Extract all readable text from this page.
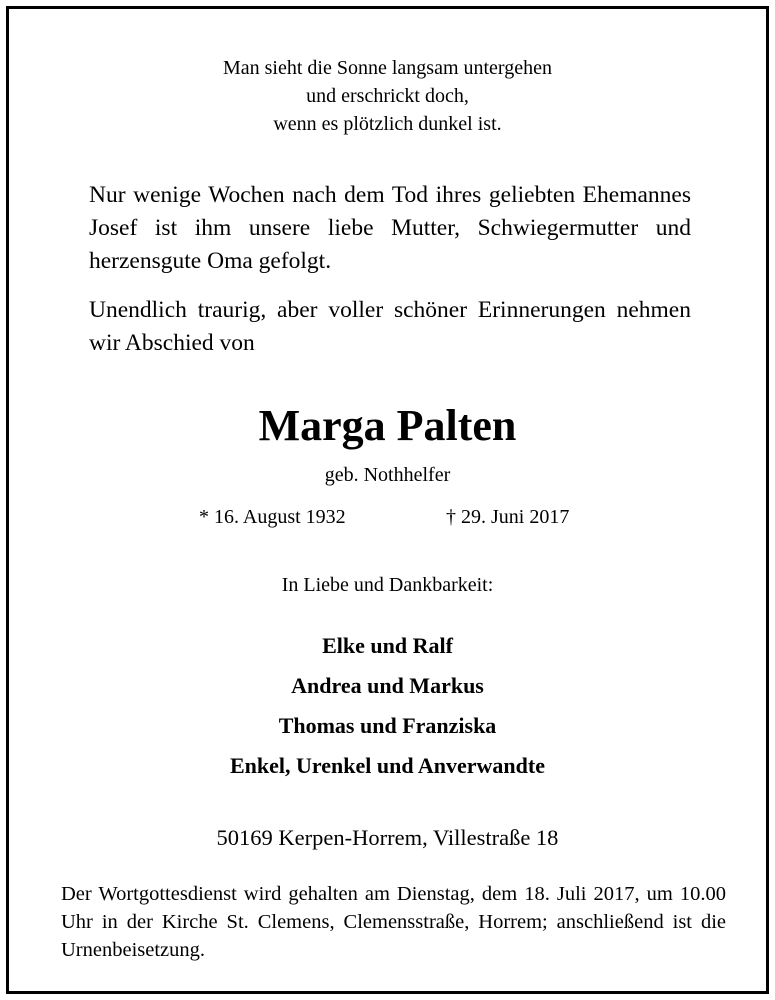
Man sieht die Sonne langsam untergehen
und erschrickt doch,
wenn es plötzlich dunkel ist.
Nur wenige Wochen nach dem Tod ihres geliebten Ehemannes Josef ist ihm unsere liebe Mutter, Schwiegermutter und herzensgute Oma gefolgt.
Unendlich traurig, aber voller schöner Erinnerungen nehmen wir Abschied von
Marga Palten
geb. Nothhelfer
* 16. August 1932	† 29. Juni 2017
In Liebe und Dankbarkeit:
Elke und Ralf
Andrea und Markus
Thomas und Franziska
Enkel, Urenkel und Anverwandte
50169 Kerpen-Horrem, Villestraße 18
Der Wortgottesdienst wird gehalten am Dienstag, dem 18. Juli 2017, um 10.00 Uhr in der Kirche St. Clemens, Clemensstraße, Horrem; anschließend ist die Urnenbeisetzung.
